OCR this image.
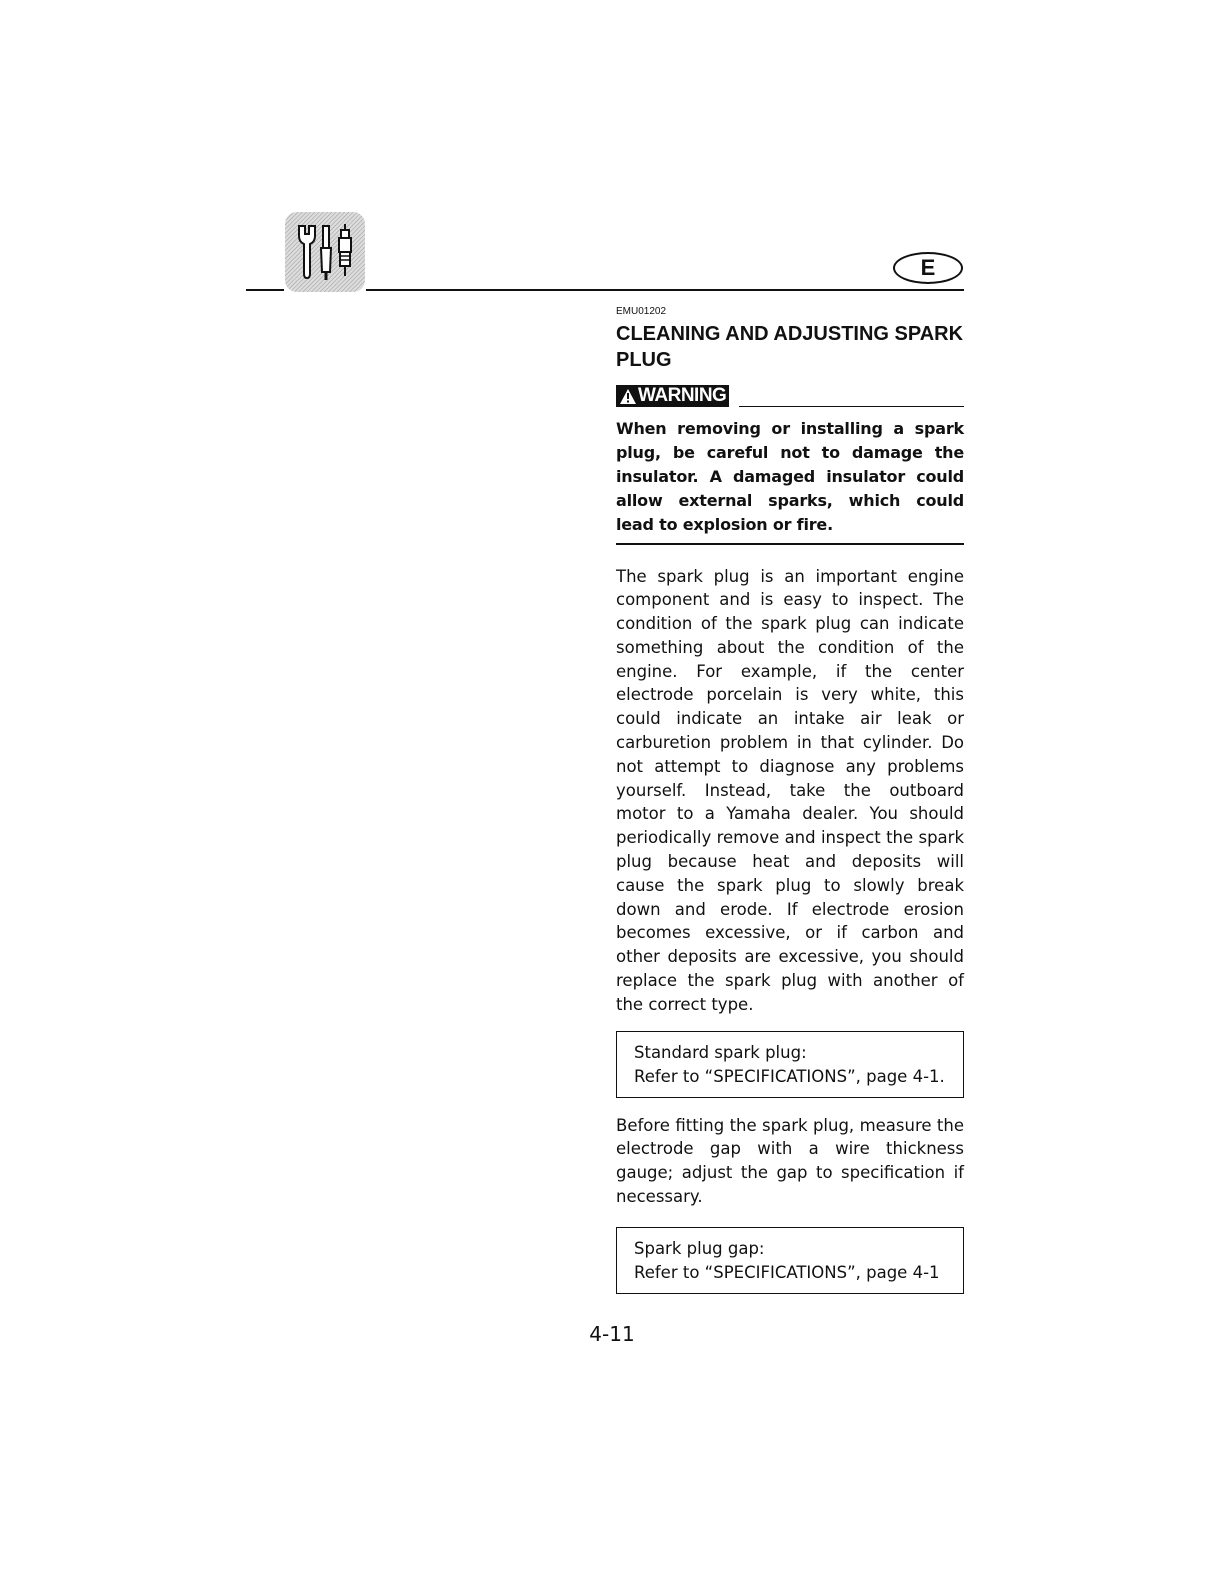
E

EMU01202

CLEANING AND ADJUSTING SPARK PLUG
WARNING

When removing or installing a spark plug, be careful not to damage the insulator. A damaged insulator could allow external sparks, which could lead to explosion or fire.

The spark plug is an important engine component and is easy to inspect. The condition of the spark plug can indicate something about the condition of the engine. For example, if the center electrode porcelain is very white, this could indicate an intake air leak or carburetion problem in that cylinder. Do not attempt to diagnose any problems yourself. Instead, take the outboard motor to a Yamaha dealer. You should periodically remove and inspect the spark plug because heat and deposits will cause the spark plug to slowly break down and erode. If electrode erosion becomes excessive, or if carbon and other deposits are excessive, you should replace the spark plug with another of the correct type.

Standard spark plug:
Refer to “SPECIFICATIONS”, page 4-1.

Before fitting the spark plug, measure the electrode gap with a wire thickness gauge; adjust the gap to specification if necessary.

Spark plug gap:
Refer to “SPECIFICATIONS”, page 4-1
4-11
